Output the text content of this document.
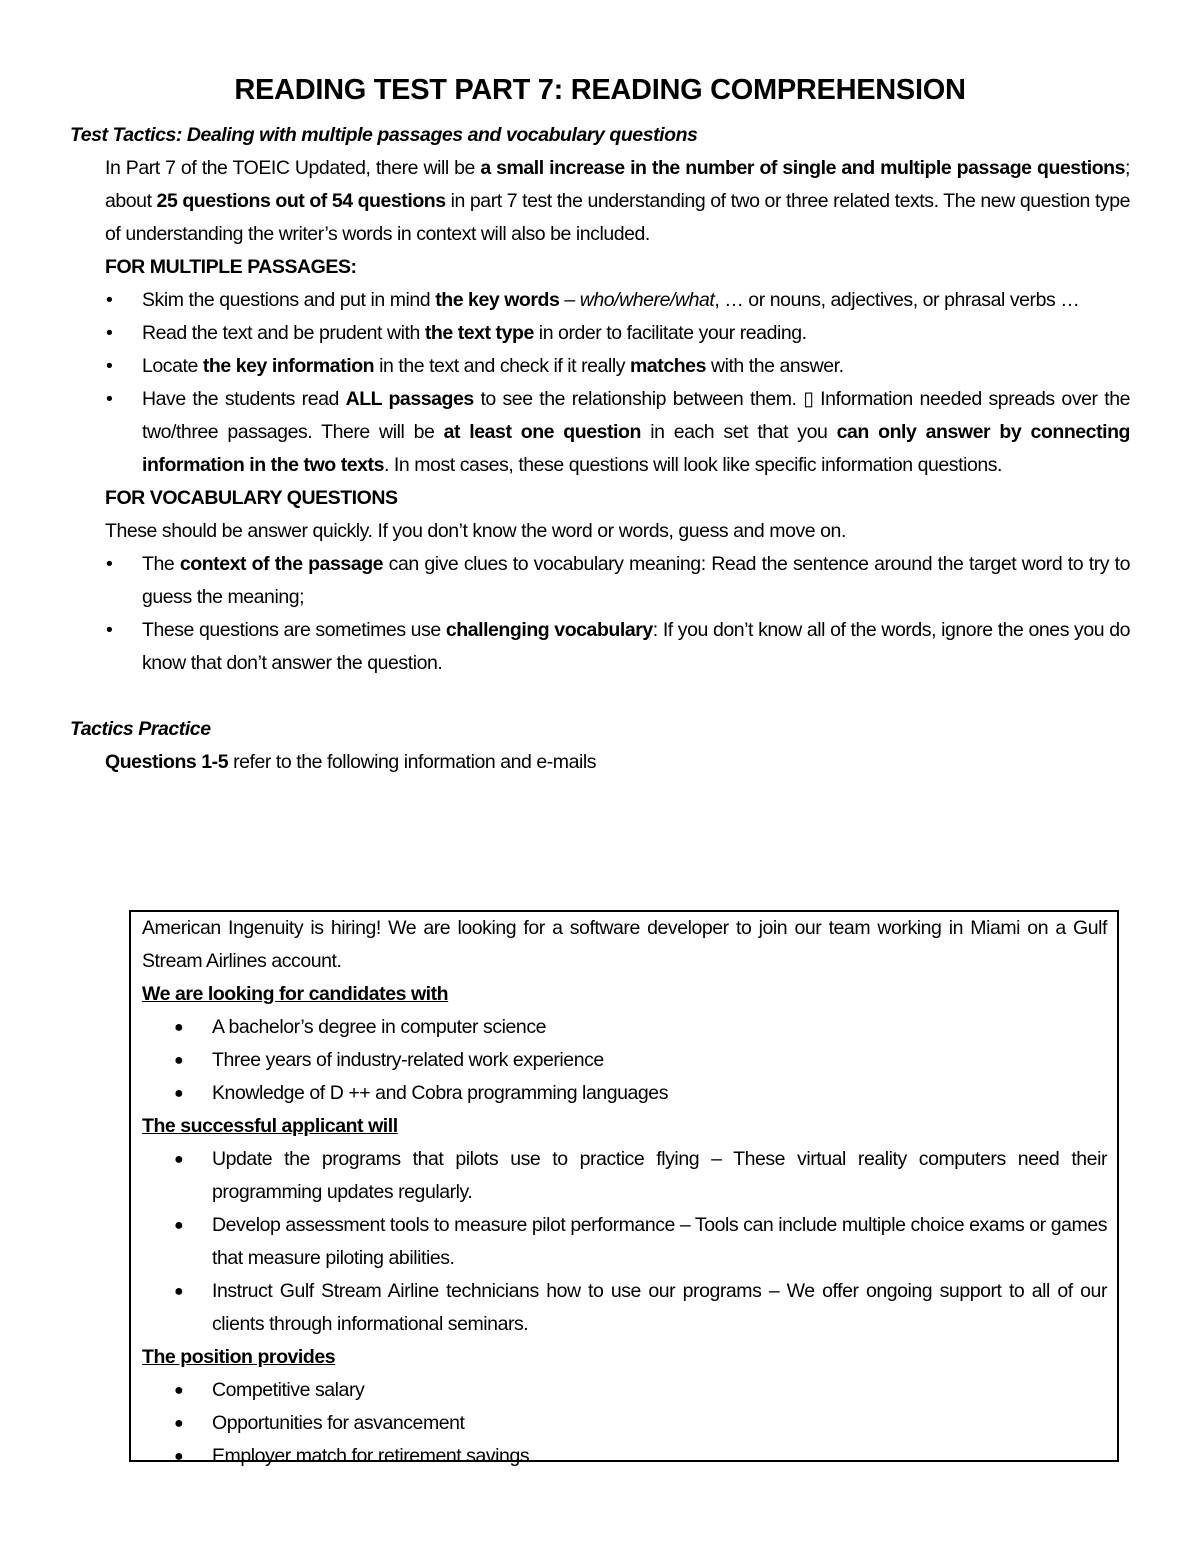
READING TEST PART 7: READING COMPREHENSION
Test Tactics: Dealing with multiple passages and vocabulary questions
In Part 7 of the TOEIC Updated, there will be a small increase in the number of single and multiple passage questions; about 25 questions out of 54 questions in part 7 test the understanding of two or three related texts. The new question type of understanding the writer’s words in context will also be included.
FOR MULTIPLE PASSAGES:
• Skim the questions and put in mind the key words – who/where/what, … or nouns, adjectives, or phrasal verbs …
• Read the text and be prudent with the text type in order to facilitate your reading.
• Locate the key information in the text and check if it really matches with the answer.
• Have the students read ALL passages to see the relationship between them. ▯ Information needed spreads over the two/three passages. There will be at least one question in each set that you can only answer by connecting information in the two texts. In most cases, these questions will look like specific information questions.
FOR VOCABULARY QUESTIONS
These should be answer quickly. If you don’t know the word or words, guess and move on.
• The context of the passage can give clues to vocabulary meaning: Read the sentence around the target word to try to guess the meaning;
• These questions are sometimes use challenging vocabulary: If you don’t know all of the words, ignore the ones you do know that don’t answer the question.
Tactics Practice
Questions 1-5 refer to the following information and e-mails
American Ingenuity is hiring! We are looking for a software developer to join our team working in Miami on a Gulf Stream Airlines account.
We are looking for candidates with
● A bachelor’s degree in computer science
● Three years of industry-related work experience
● Knowledge of D ++ and Cobra programming languages
The successful applicant will
● Update the programs that pilots use to practice flying – These virtual reality computers need their programming updates regularly.
● Develop assessment tools to measure pilot performance – Tools can include multiple choice exams or games that measure piloting abilities.
● Instruct Gulf Stream Airline technicians how to use our programs – We offer ongoing support to all of our clients through informational seminars.
The position provides
● Competitive salary
● Opportunities for asvancement
● Employer match for retirement savings
